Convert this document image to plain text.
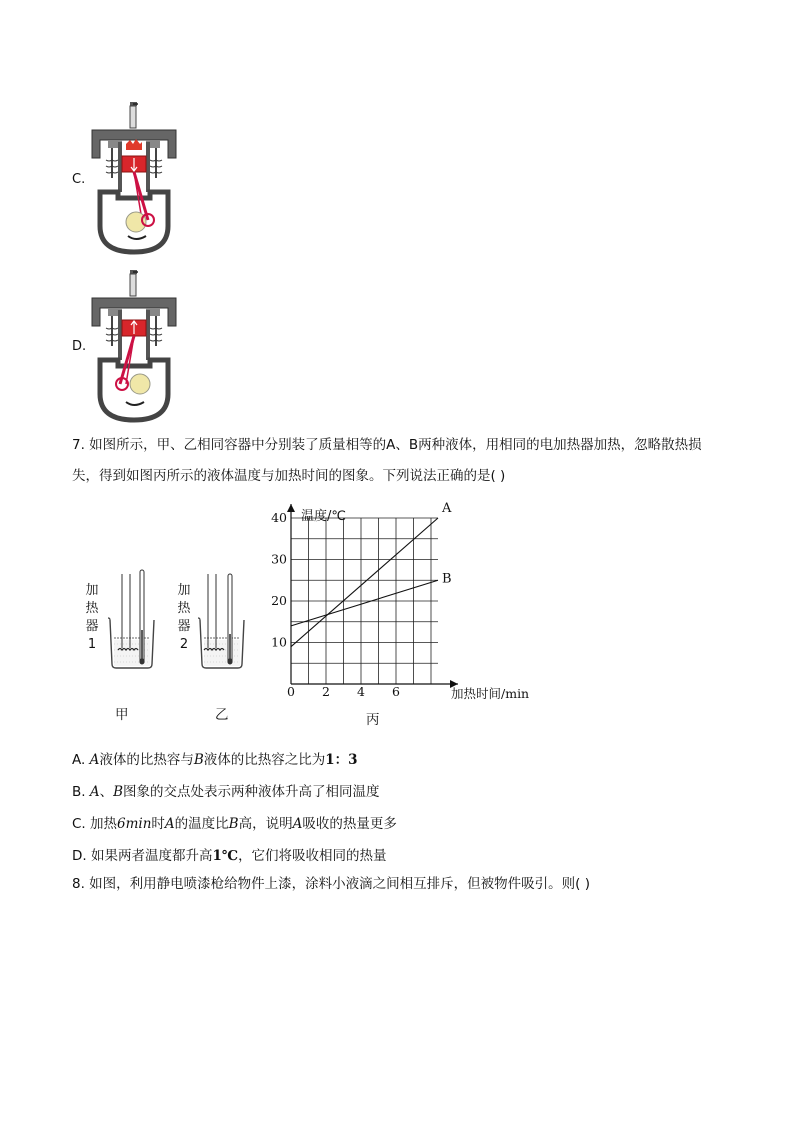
C.
D.
7. 如图所示，甲、乙相同容器中分别装了质量相等的A、B两种液体，用相同的电加热器加热，忽略散热损
失，得到如图丙所示的液体温度与加热时间的图象。下列说法正确的是( )
加
热
器
1
加
热
器
2
甲	乙	丙
0 2 4 6
10
20
30
40
A
B
温度/℃
加热时间/min
A. A液体的比热容与B液体的比热容之比为1：3
B. A、B图象的交点处表示两种液体升高了相同温度
C. 加热6min时A的温度比B高，说明A吸收的热量更多
D. 如果两者温度都升高1℃，它们将吸收相同的热量
8. 如图，利用静电喷漆枪给物件上漆，涂料小液滴之间相互排斥，但被物件吸引。则( )
